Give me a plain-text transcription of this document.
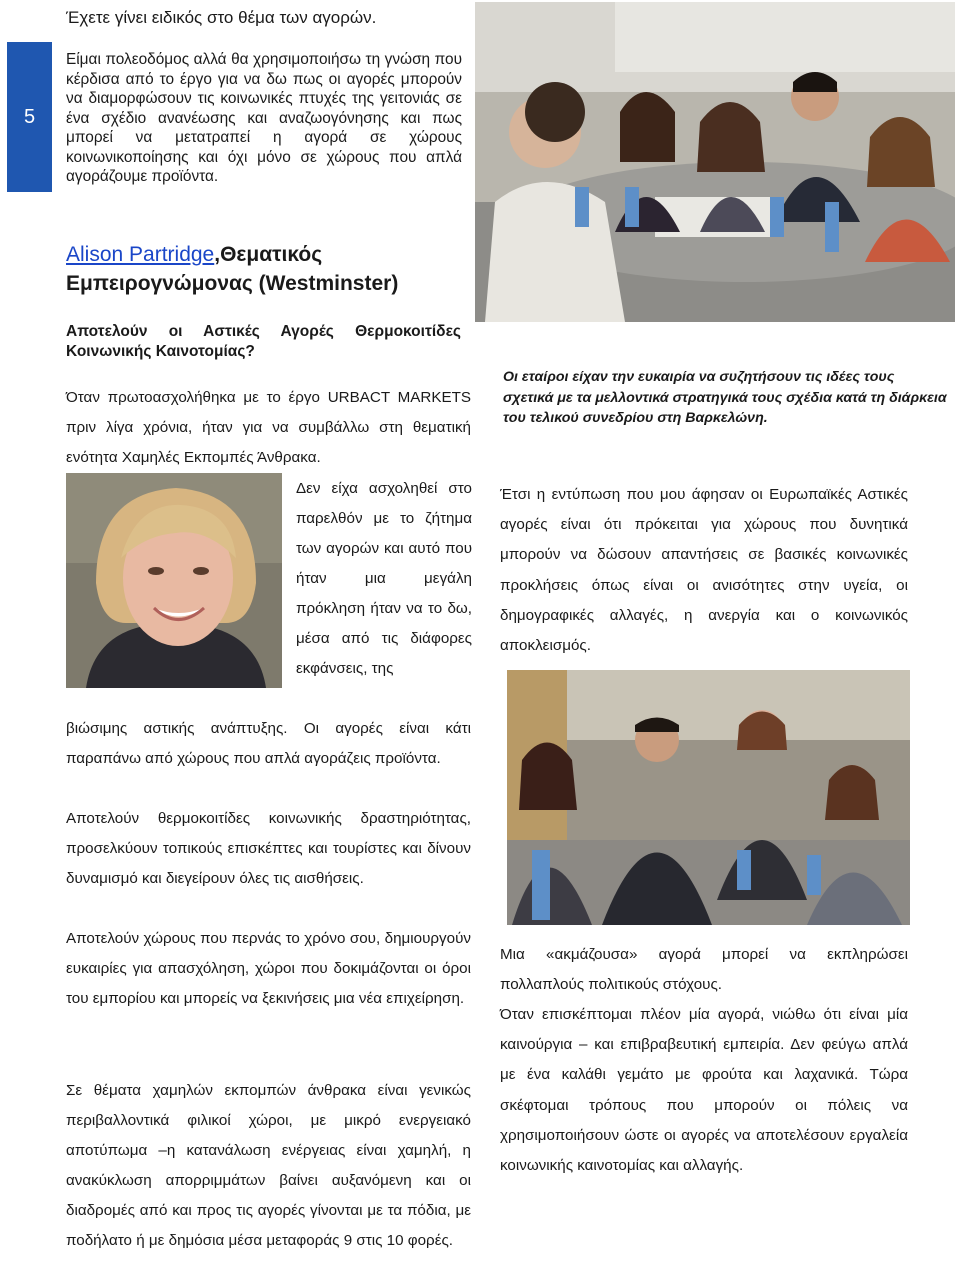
5
Έχετε γίνει ειδικός στο θέμα των αγορών.
Είμαι πολεοδόμος αλλά θα χρησιμοποιήσω τη γνώση που κέρδισα από το έργο για να δω πως οι αγορές μπορούν να διαμορφώσουν τις κοινωνικές πτυχές της γειτονιάς σε ένα σχέδιο ανανέωσης και αναζωογόνησης και πως μπορεί να μετατραπεί η αγορά σε χώρους κοινωνικοποίησης και όχι μόνο σε χώρους που απλά αγοράζουμε προϊόντα.
Alison Partridge,Θεματικός Εμπειρογνώμονας (Westminster)
Αποτελούν οι Αστικές Αγορές Θερμοκοιτίδες Κοινωνικής Καινοτομίας?
Όταν πρωτοασχολήθηκα με το έργο URBACT MARKETS πριν λίγα χρόνια, ήταν για να συμβάλλω στη θεματική ενότητα Χαμηλές Εκπομπές Άνθρακα.
Δεν είχα ασχοληθεί στο παρελθόν με το ζήτημα των αγορών και αυτό που ήταν μια μεγάλη πρόκληση ήταν να το δω, μέσα από τις διάφορες εκφάνσεις, της
βιώσιμης αστικής ανάπτυξης. Οι αγορές είναι κάτι παραπάνω από χώρους που απλά αγοράζεις προϊόντα.
Αποτελούν θερμοκοιτίδες κοινωνικής δραστηριότητας, προσελκύουν τοπικούς επισκέπτες και τουρίστες και δίνουν δυναμισμό και διεγείρουν όλες τις αισθήσεις.
Αποτελούν χώρους που περνάς το χρόνο σου, δημιουργούν ευκαιρίες για απασχόληση, χώροι που δοκιμάζονται οι όροι του εμπορίου και μπορείς να ξεκινήσεις μια νέα επιχείρηση.
Σε θέματα χαμηλών εκπομπών άνθρακα είναι γενικώς περιβαλλοντικά φιλικοί χώροι, με μικρό ενεργειακό αποτύπωμα –η κατανάλωση ενέργειας είναι χαμηλή, η ανακύκλωση απορριμμάτων βαίνει αυξανόμενη και οι διαδρομές από και προς τις αγορές γίνονται με τα πόδια, με ποδήλατο ή με δημόσια μέσα μεταφοράς 9 στις 10 φορές.
Οι εταίροι είχαν την ευκαιρία να συζητήσουν τις ιδέες τους σχετικά με τα μελλοντικά στρατηγικά τους σχέδια κατά τη διάρκεια του τελικού συνεδρίου στη Βαρκελώνη.
Έτσι η εντύπωση που μου άφησαν οι Ευρωπαϊκές Αστικές αγορές είναι ότι πρόκειται για χώρους που δυνητικά μπορούν να δώσουν απαντήσεις σε βασικές κοινωνικές προκλήσεις όπως είναι οι ανισότητες στην υγεία, οι δημογραφικές αλλαγές, η ανεργία και ο κοινωνικός αποκλεισμός.
Μια «ακμάζουσα» αγορά μπορεί να εκπληρώσει πολλαπλούς πολιτικούς στόχους.
Όταν επισκέπτομαι πλέον μία αγορά, νιώθω ότι είναι μία καινούργια – και επιβραβευτική εμπειρία. Δεν φεύγω απλά με ένα καλάθι γεμάτο με φρούτα και λαχανικά. Τώρα σκέφτομαι τρόπους που μπορούν οι πόλεις να χρησιμοποιήσουν ώστε οι αγορές να αποτελέσουν εργαλεία κοινωνικής καινοτομίας και αλλαγής.
